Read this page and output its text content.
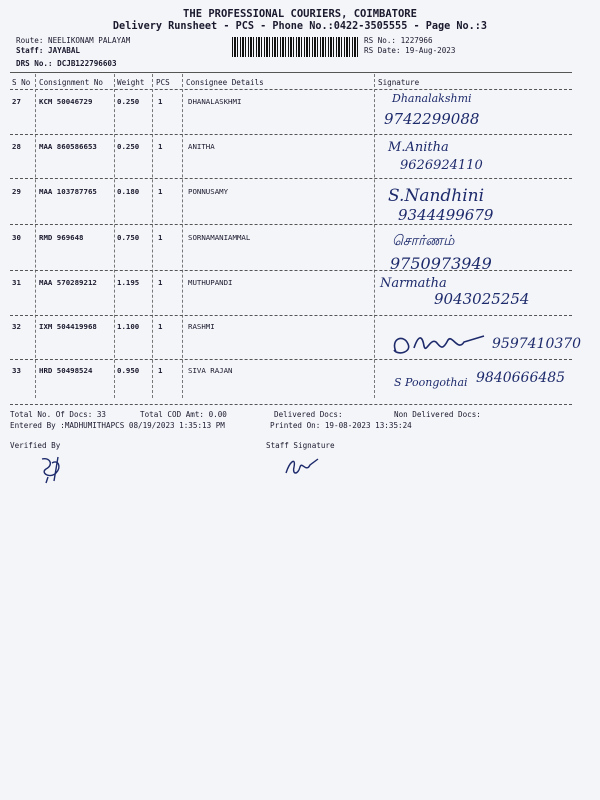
THE PROFESSIONAL COURIERS, COIMBATORE
Delivery Runsheet - PCS - Phone No.:0422-3505555 - Page No.:3
Route: NEELIKONAM PALAYAM
Staff: JAYABAL
DRS No.: DCJB122796603
RS No.: 1227966
RS Date: 19-Aug-2023
S No Consignment No Weight PCS Consignee Details	Signature
27 KCM 50046729	0.250	1	DHANALASKHMI	Dhanalakshmi
9742299088
28 MAA 860586653	0.250	1	ANITHA	M.Anitha
9626924110
29 MAA 103787765	0.180	1	PONNUSAMY	S.Nandhini
9344499679
30 RMD 969648	0.750	1	SORNAMANIAMMAL	சொர்ணம்
9750973949
31 MAA 570289212	1.195	1	MUTHUPANDI	Narmatha
9043025254
32 IXM 504419968	1.100	1	RASHMI
9597410370
33 HRD 50498524	0.950	1	SIVA RAJAN
S Poongothai 9840666485
Total No. Of Docs: 33	Total COD Amt: 0.00	Delivered Docs:	Non Delivered Docs:
Entered By :MADHUMITHAPCS 08/19/2023 1:35:13 PM	Printed On: 19-08-2023 13:35:24
Verified By	Staff Signature
